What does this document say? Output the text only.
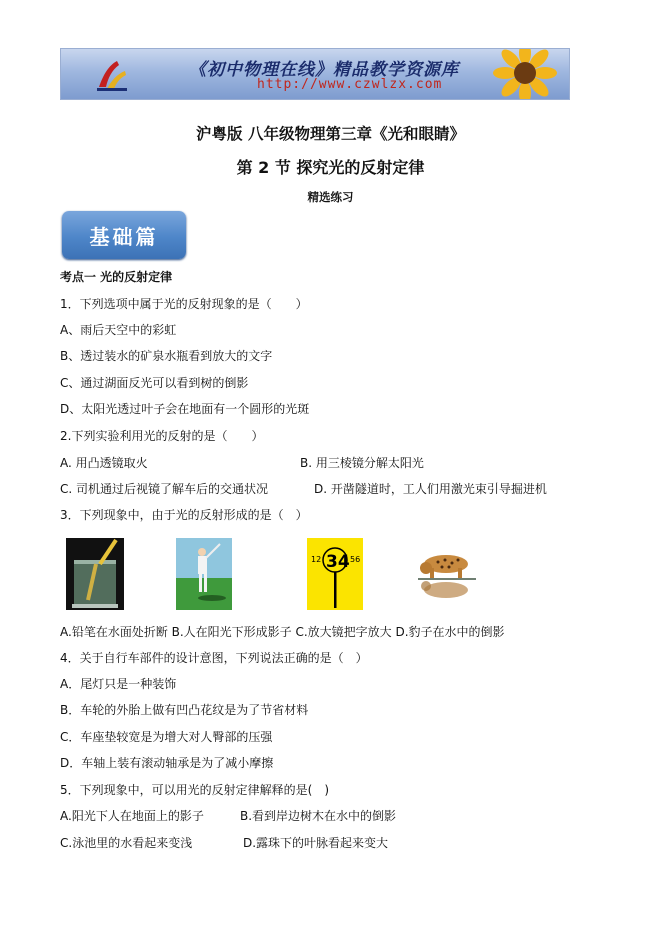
《初中物理在线》精品教学资源库
http://www.czwlzx.com
沪粤版 八年级物理第三章《光和眼睛》
第 2 节 探究光的反射定律
精选练习
基础篇
考点一 光的反射定律
1．下列选项中属于光的反射现象的是（　　）
A、雨后天空中的彩虹
B、透过装水的矿泉水瓶看到放大的文字
C、通过湖面反光可以看到树的倒影
D、太阳光透过叶子会在地面有一个圆形的光斑
2.下列实验利用光的反射的是（　　）
A. 用凸透镜取火	B. 用三棱镜分解太阳光
C. 司机通过后视镜了解车后的交通状况	D. 开凿隧道时，工人们用激光束引导掘进机
3．下列现象中，由于光的反射形成的是（　）
12 34 56
A.铅笔在水面处折断 B.人在阳光下形成影子 C.放大镜把字放大 D.豹子在水中的倒影
4．关于自行车部件的设计意图，下列说法正确的是（　）
A．尾灯只是一种装饰
B．车轮的外胎上做有凹凸花纹是为了节省材料
C．车座垫较宽是为增大对人臀部的压强
D．车轴上装有滚动轴承是为了减小摩擦
5．下列现象中，可以用光的反射定律解释的是(　)
A.阳光下人在地面上的影子	B.看到岸边树木在水中的倒影
C.泳池里的水看起来变浅	D.露珠下的叶脉看起来变大
